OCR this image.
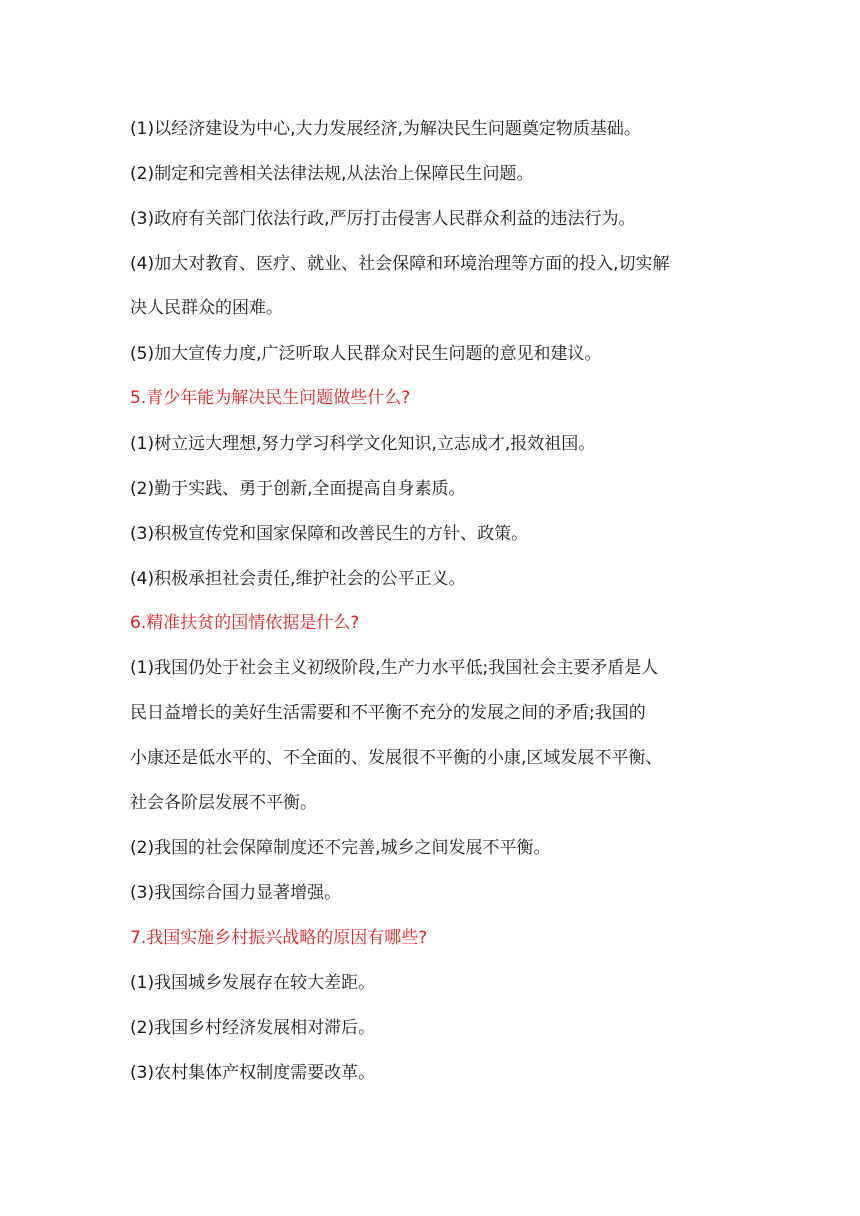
(1)以经济建设为中心,大力发展经济,为解决民生问题奠定物质基础。
(2)制定和完善相关法律法规,从法治上保障民生问题。
(3)政府有关部门依法行政,严厉打击侵害人民群众利益的违法行为。
(4)加大对教育、医疗、就业、社会保障和环境治理等方面的投入,切实解
决人民群众的困难。
(5)加大宣传力度,广泛听取人民群众对民生问题的意见和建议。
5.青少年能为解决民生问题做些什么?
(1)树立远大理想,努力学习科学文化知识,立志成才,报效祖国。
(2)勤于实践、勇于创新,全面提高自身素质。
(3)积极宣传党和国家保障和改善民生的方针、政策。
(4)积极承担社会责任,维护社会的公平正义。
6.精准扶贫的国情依据是什么?
(1)我国仍处于社会主义初级阶段,生产力水平低;我国社会主要矛盾是人
民日益增长的美好生活需要和不平衡不充分的发展之间的矛盾;我国的
小康还是低水平的、不全面的、发展很不平衡的小康,区域发展不平衡、
社会各阶层发展不平衡。
(2)我国的社会保障制度还不完善,城乡之间发展不平衡。
(3)我国综合国力显著增强。
7.我国实施乡村振兴战略的原因有哪些?
(1)我国城乡发展存在较大差距。
(2)我国乡村经济发展相对滞后。
(3)农村集体产权制度需要改革。
